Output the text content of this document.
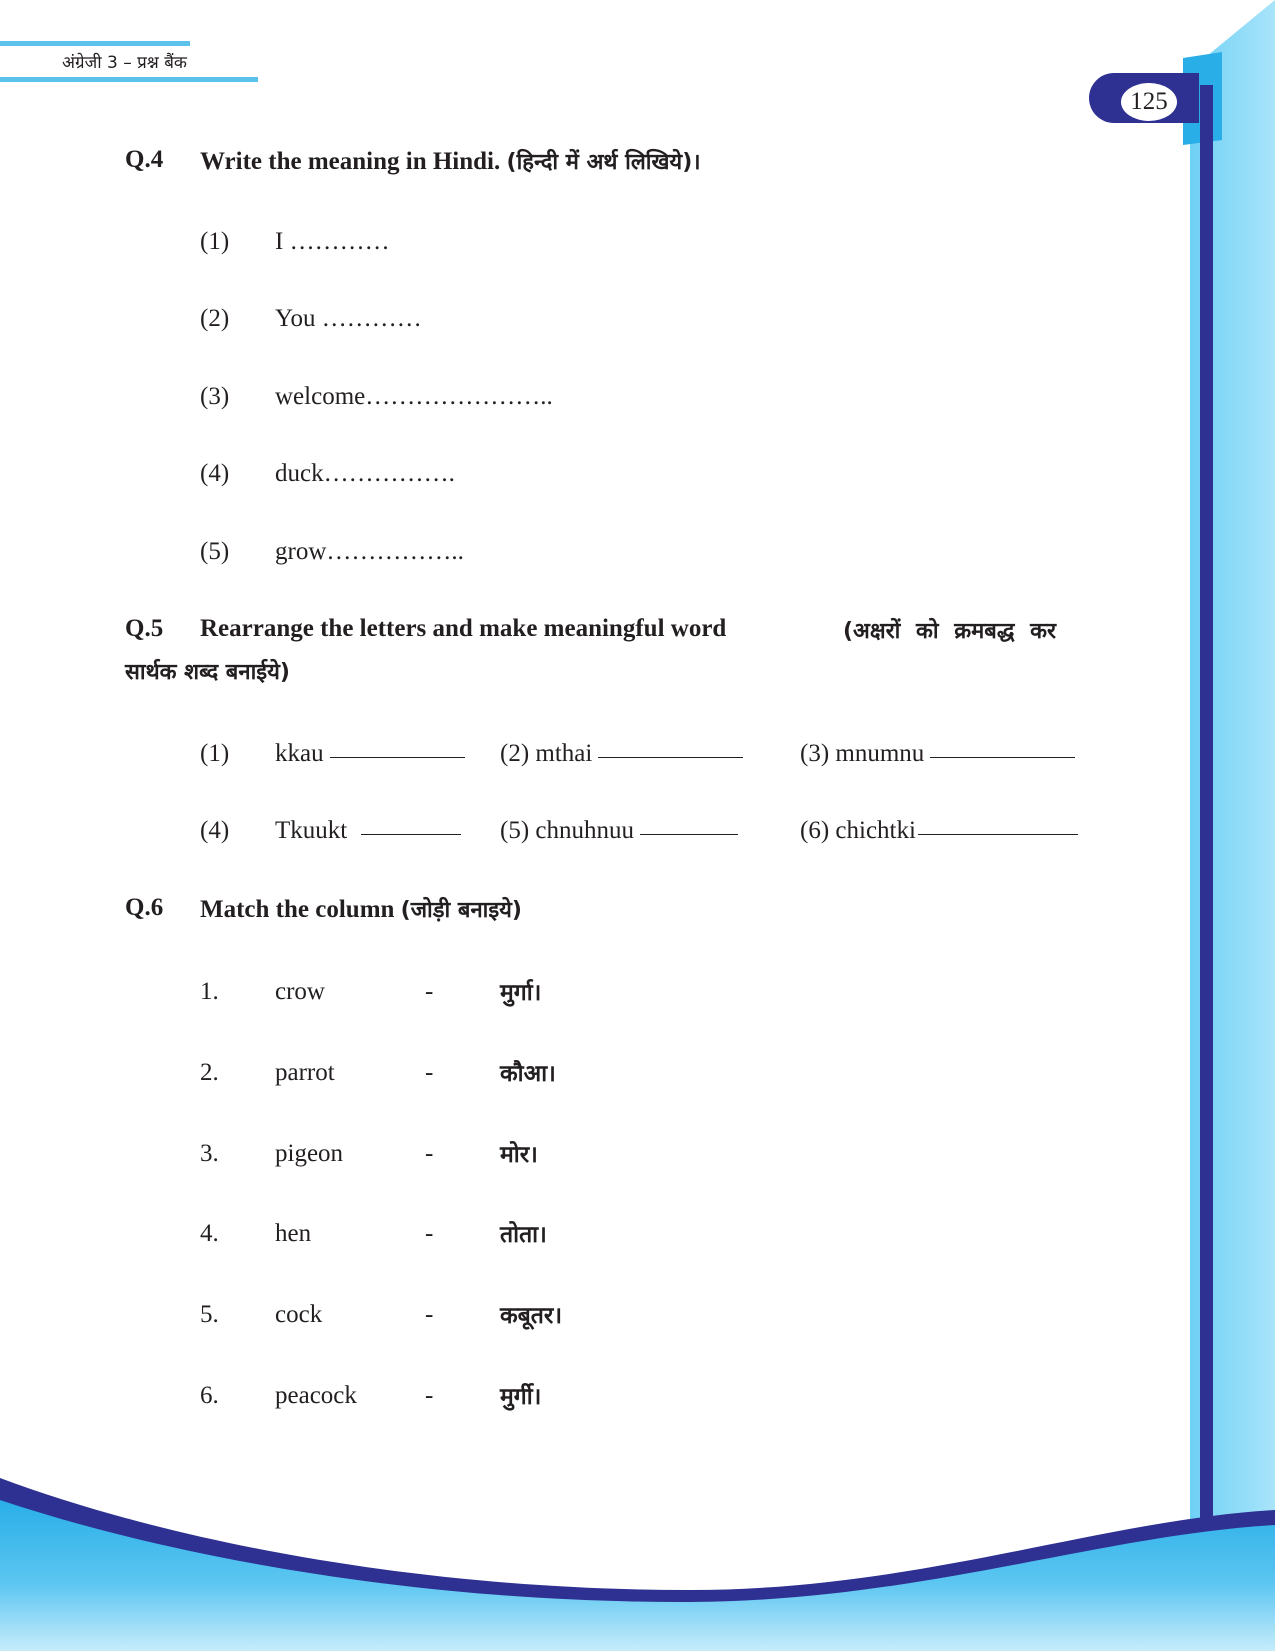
अंग्रेजी 3 – प्रश्न बैंक
125
Q.4 Write the meaning in Hindi. (हिन्दी में अर्थ लिखिये)।
(1) I …………
(2) You …………
(3) welcome…………………..
(4) duck…………….
(5) grow……………..
Q.5 Rearrange the letters and make meaningful word	(अक्षरों को क्रमबद्ध कर
सार्थक शब्द बनाईये)
(1) kkau	(2) mthai	(3) mnumnu
(4) Tkuukt	(5) chnuhnuu	(6) chichtki
Q.6 Match the column (जोड़ी बनाइये)
1. crow	-	मुर्गा।
2. parrot	-	कौआ।
3. pigeon	-	मोर।
4. hen	-	तोता।
5. cock	-	कबूतर।
6. peacock	-	मुर्गी।
